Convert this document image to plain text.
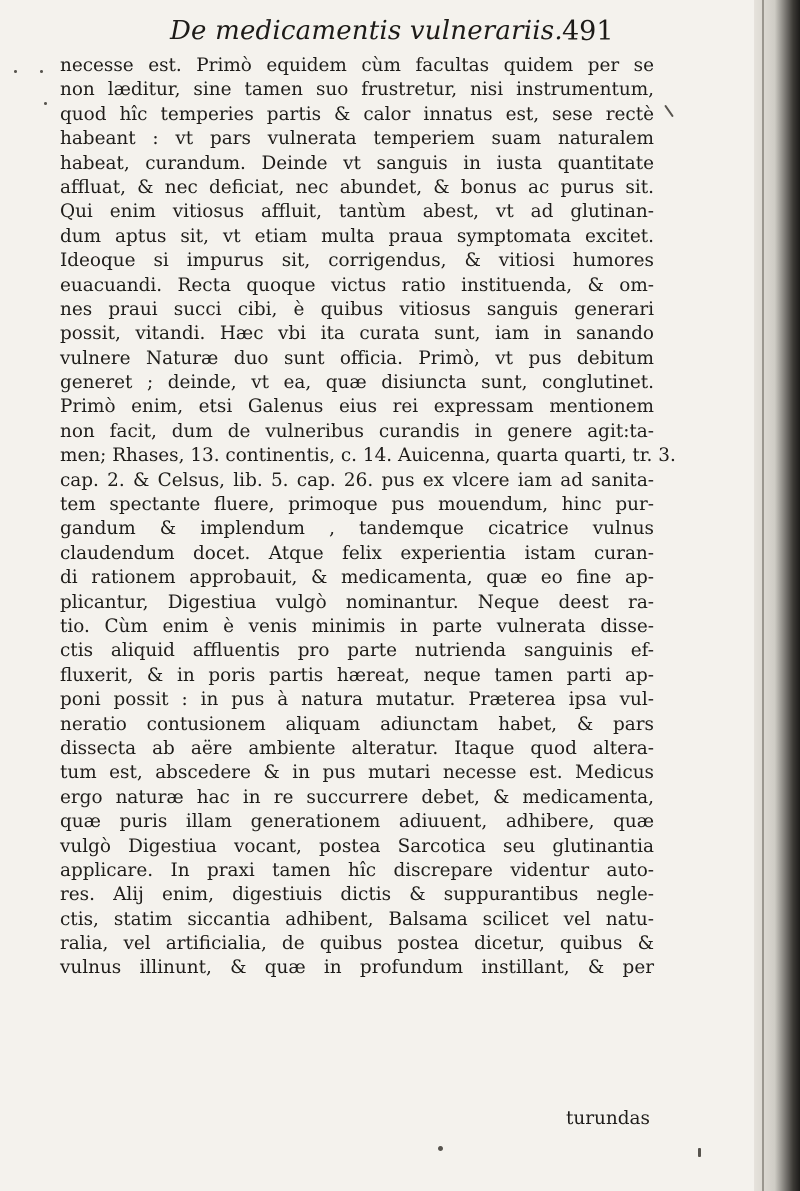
De medicamentis vulnerariis. 491
necesse est. Primò equidem cùm facultas quidem per se
non læditur, sine tamen suo frustretur, nisi instrumentum,
quod hîc temperies partis & calor innatus est, sese rectè
habeant : vt pars vulnerata temperiem suam naturalem
habeat, curandum. Deinde vt sanguis in iusta quantitate
affluat, & nec deficiat, nec abundet, & bonus ac purus sit.
Qui enim vitiosus affluit, tantùm abest, vt ad glutinan-
dum aptus sit, vt etiam multa praua symptomata excitet.
Ideoque si impurus sit, corrigendus, & vitiosi humores
euacuandi. Recta quoque victus ratio instituenda, & om-
nes praui succi cibi, è quibus vitiosus sanguis generari
possit, vitandi. Hæc vbi ita curata sunt, iam in sanando
vulnere Naturæ duo sunt officia. Primò, vt pus debitum
generet ; deinde, vt ea, quæ disiuncta sunt, conglutinet.
Primò enim, etsi Galenus eius rei expressam mentionem
non facit, dum de vulneribus curandis in genere agit:ta-
men; Rhases, 13. continentis, c. 14. Auicenna, quarta quarti, tr. 3.
cap. 2. & Celsus, lib. 5. cap. 26. pus ex vlcere iam ad sanita-
tem spectante fluere, primoque pus mouendum, hinc pur-
gandum & implendum , tandemque cicatrice vulnus
claudendum docet. Atque felix experientia istam curan-
di rationem approbauit, & medicamenta, quæ eo fine ap-
plicantur, Digestiua vulgò nominantur. Neque deest ra-
tio. Cùm enim è venis minimis in parte vulnerata disse-
ctis aliquid affluentis pro parte nutrienda sanguinis ef-
fluxerit, & in poris partis hæreat, neque tamen parti ap-
poni possit : in pus à natura mutatur. Præterea ipsa vul-
neratio contusionem aliquam adiunctam habet, & pars
dissecta ab aëre ambiente alteratur. Itaque quod altera-
tum est, abscedere & in pus mutari necesse est. Medicus
ergo naturæ hac in re succurrere debet, & medicamenta,
quæ puris illam generationem adiuuent, adhibere, quæ
vulgò Digestiua vocant, postea Sarcotica seu glutinantia
applicare. In praxi tamen hîc discrepare videntur auto-
res. Alij enim, digestiuis dictis & suppurantibus negle-
ctis, statim siccantia adhibent, Balsama scilicet vel natu-
ralia, vel artificialia, de quibus postea dicetur, quibus &
vulnus illinunt, & quæ in profundum instillant, & per
turundas
